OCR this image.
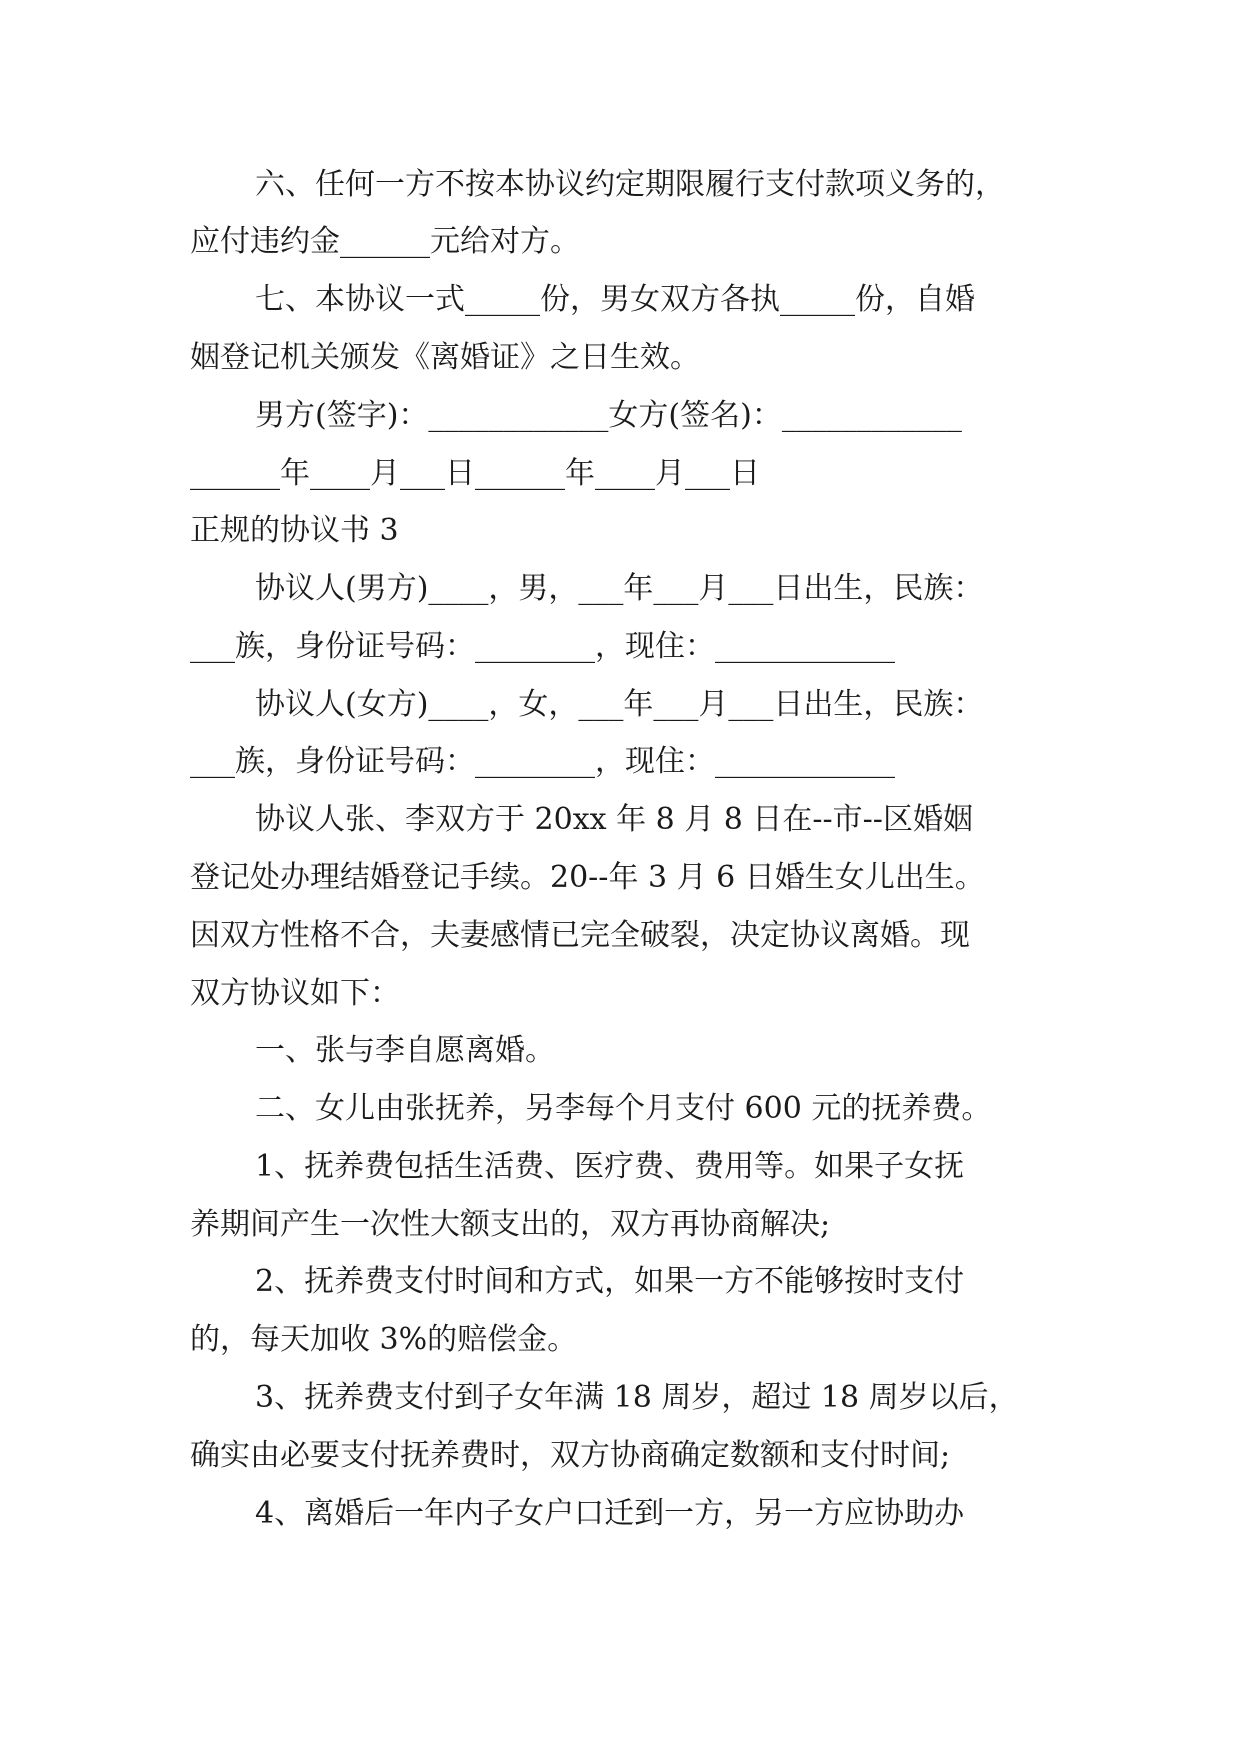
六、任何一方不按本协议约定期限履行支付款项义务的，
应付违约金______元给对方。
七、本协议一式_____份，男女双方各执_____份，自婚
姻登记机关颁发《离婚证》之日生效。
男方(签字)：____________女方(签名)：____________
______年____月___日______年____月___日
正规的协议书 3
协议人(男方)____，男，___年___月___日出生，民族：
___族，身份证号码：________，现住：____________
协议人(女方)____，女，___年___月___日出生，民族：
___族，身份证号码：________，现住：____________
协议人张、李双方于 20xx 年 8 月 8 日在--市--区婚姻
登记处办理结婚登记手续。20--年 3 月 6 日婚生女儿出生。
因双方性格不合，夫妻感情已完全破裂，决定协议离婚。现
双方协议如下：
一、张与李自愿离婚。
二、女儿由张抚养，另李每个月支付 600 元的抚养费。
1、抚养费包括生活费、医疗费、费用等。如果子女抚
养期间产生一次性大额支出的，双方再协商解决;
2、抚养费支付时间和方式，如果一方不能够按时支付
的，每天加收 3%的赔偿金。
3、抚养费支付到子女年满 18 周岁，超过 18 周岁以后，
确实由必要支付抚养费时，双方协商确定数额和支付时间;
4、离婚后一年内子女户口迁到一方，另一方应协助办
